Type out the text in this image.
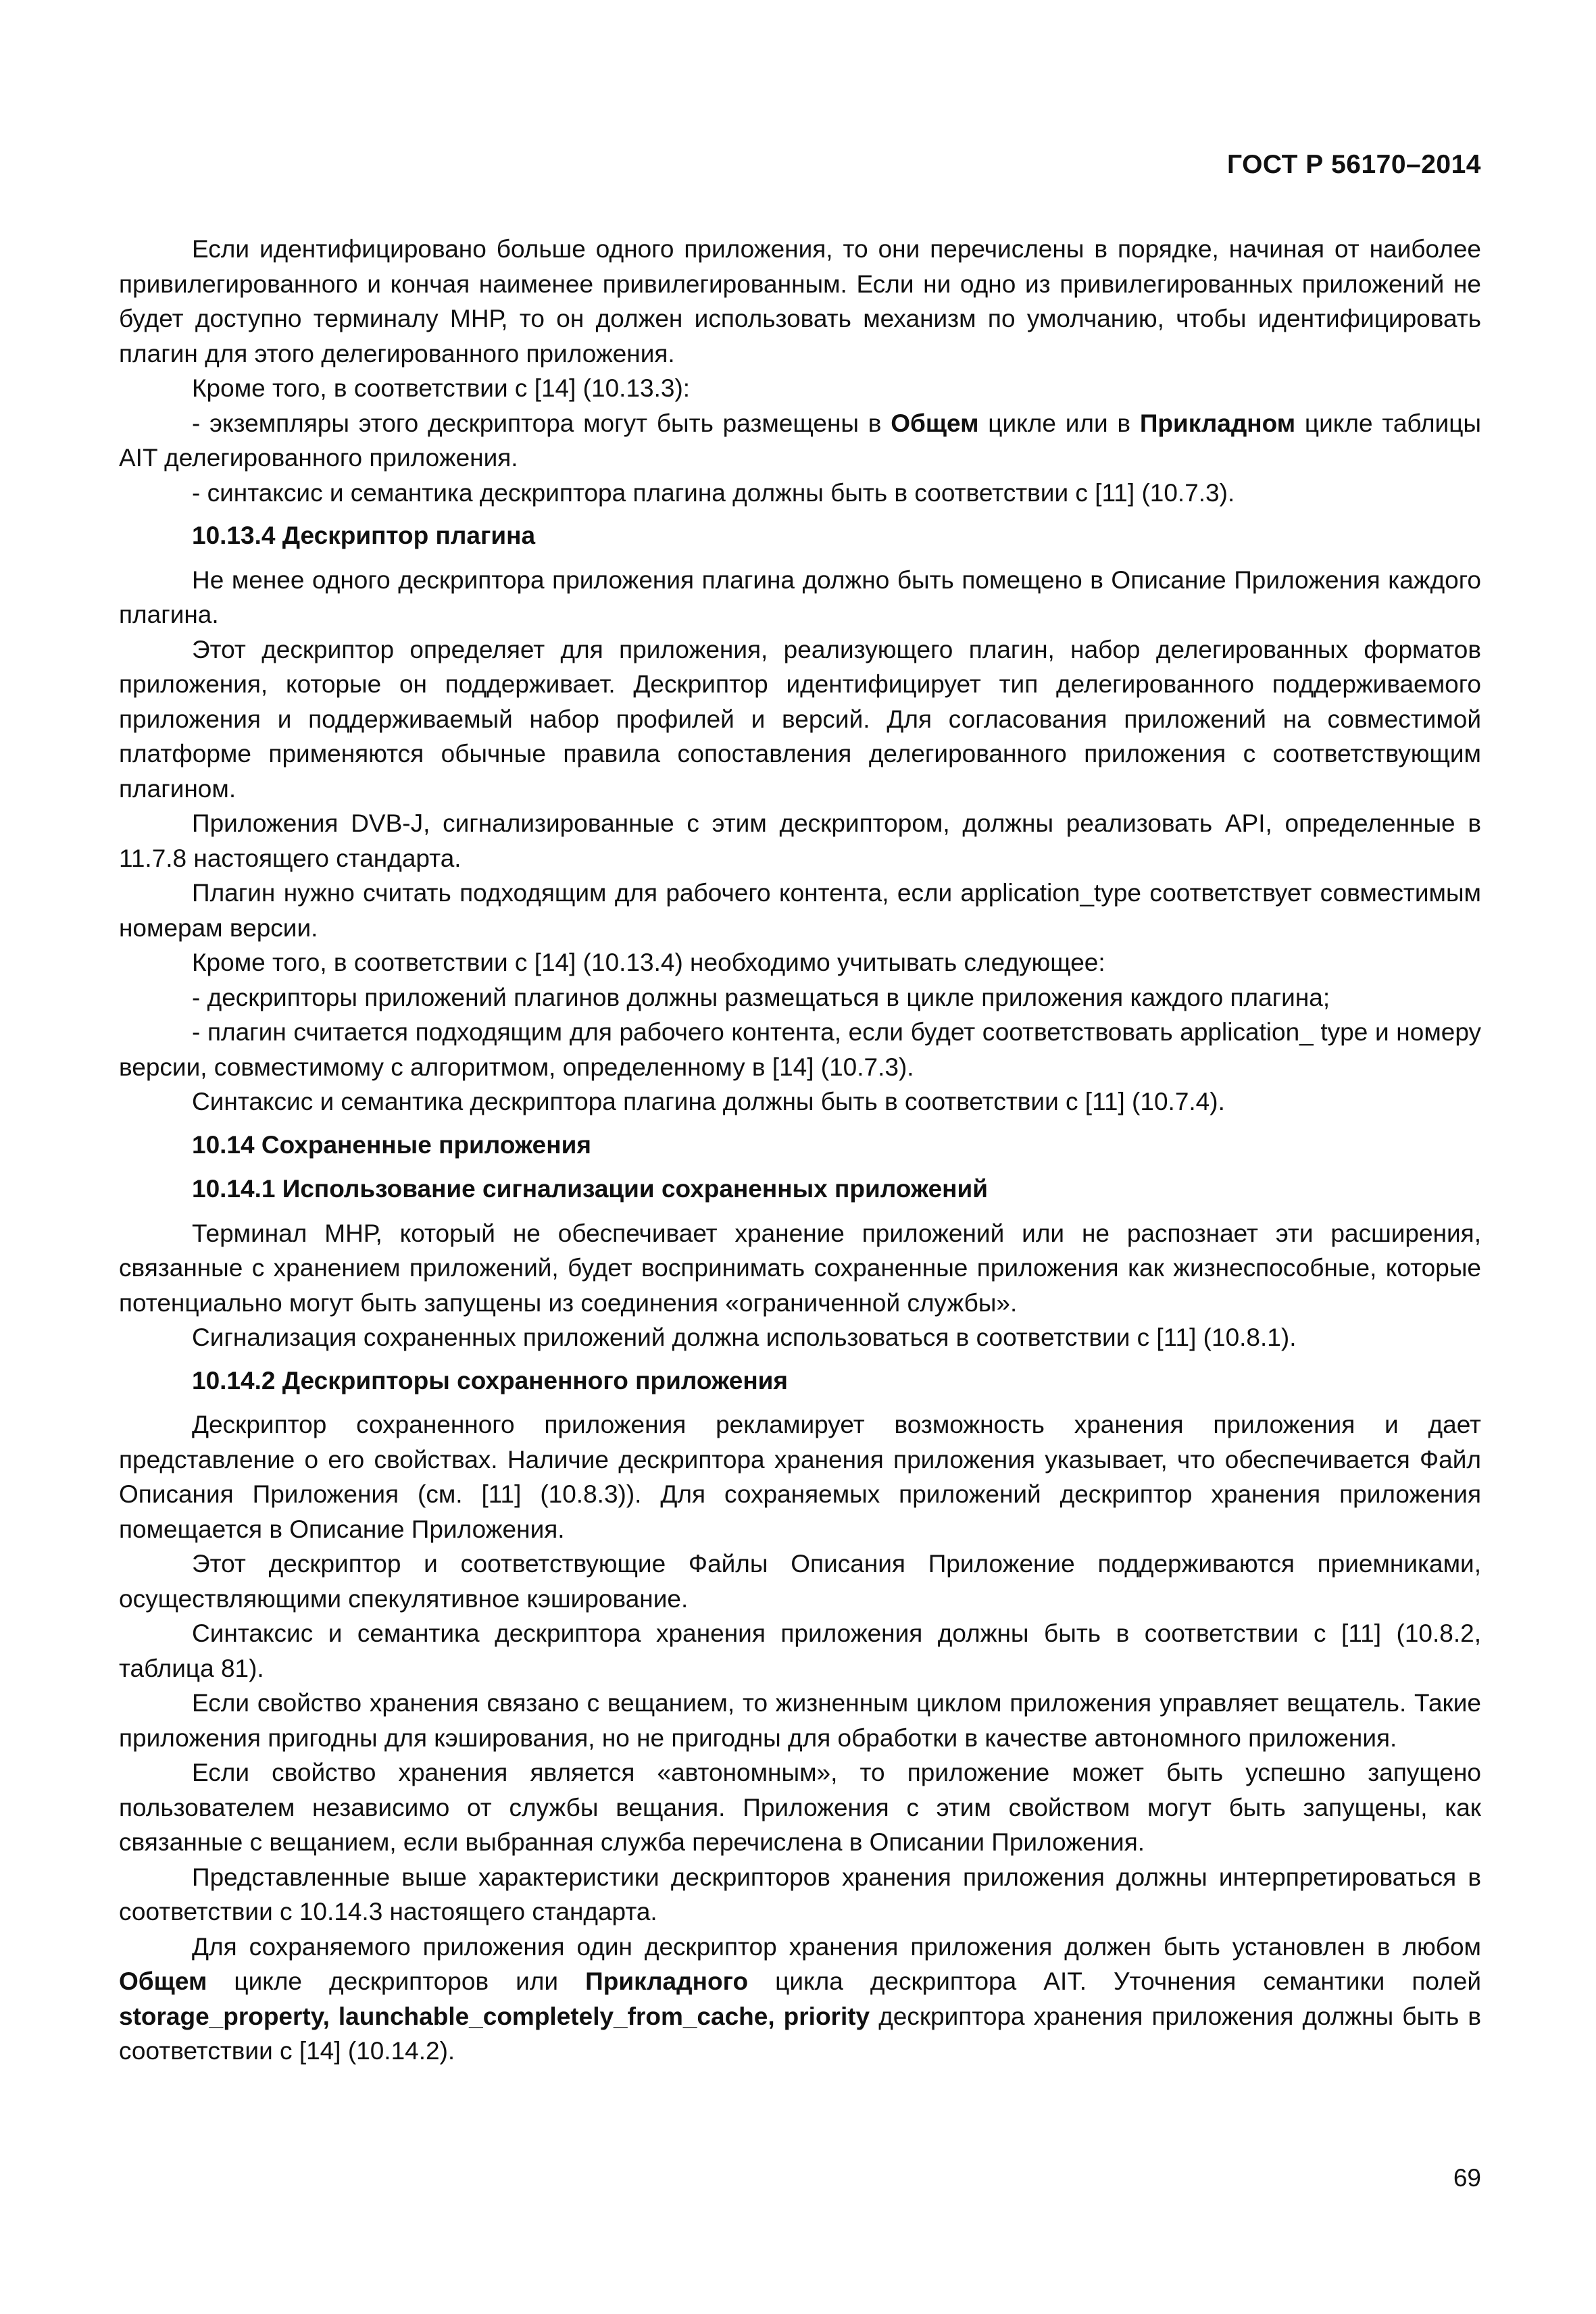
ГОСТ Р 56170–2014

Если идентифицировано больше одного приложения, то они перечислены в порядке, начиная от наиболее привилегированного и кончая наименее привилегированным. Если ни одно из привилегированных приложений не будет доступно терминалу МНР, то он должен использовать механизм по умолчанию, чтобы идентифицировать плагин для этого делегированного приложения.

Кроме того, в соответствии с [14] (10.13.3):

- экземпляры этого дескриптора могут быть размещены в Общем цикле или в Прикладном цикле таблицы AIT делегированного приложения.

- синтаксис и семантика дескриптора плагина должны быть в соответствии с [11] (10.7.3).

10.13.4 Дескриптор плагина

Не менее одного дескриптора приложения плагина должно быть помещено в Описание Приложения каждого плагина.

Этот дескриптор определяет для приложения, реализующего плагин, набор делегированных форматов приложения, которые он поддерживает. Дескриптор идентифицирует тип делегированного поддерживаемого приложения и поддерживаемый набор профилей и версий. Для согласования приложений на совместимой платформе применяются обычные правила сопоставления делегированного приложения с соответствующим плагином.

Приложения DVB-J, сигнализированные с этим дескриптором, должны реализовать API, определенные в 11.7.8 настоящего стандарта.

Плагин нужно считать подходящим для рабочего контента, если application_type соответствует совместимым номерам версии.

Кроме того, в соответствии с [14] (10.13.4) необходимо учитывать следующее:

- дескрипторы приложений плагинов должны размещаться в цикле приложения каждого плагина;

- плагин считается подходящим для рабочего контента, если будет соответствовать application_ type и номеру версии, совместимому с алгоритмом, определенному в [14] (10.7.3).

Синтаксис и семантика дескриптора плагина должны быть в соответствии с [11] (10.7.4).

10.14 Сохраненные приложения
10.14.1 Использование сигнализации сохраненных приложений

Терминал МНР, который не обеспечивает хранение приложений или не распознает эти расширения, связанные с хранением приложений, будет воспринимать сохраненные приложения как жизнеспособные, которые потенциально могут быть запущены из соединения «ограниченной службы».

Сигнализация сохраненных приложений должна использоваться в соответствии с [11] (10.8.1).

10.14.2 Дескрипторы сохраненного приложения

Дескриптор сохраненного приложения рекламирует возможность хранения приложения и дает представление о его свойствах. Наличие дескриптора хранения приложения указывает, что обеспечивается Файл Описания Приложения (см. [11] (10.8.3)). Для сохраняемых приложений дескриптор хранения приложения помещается в Описание Приложения.

Этот дескриптор и соответствующие Файлы Описания Приложение поддерживаются приемниками, осуществляющими спекулятивное кэширование.

Синтаксис и семантика дескриптора хранения приложения должны быть в соответствии с [11] (10.8.2, таблица 81).

Если свойство хранения связано с вещанием, то жизненным циклом приложения управляет вещатель. Такие приложения пригодны для кэширования, но не пригодны для обработки в качестве автономного приложения.

Если свойство хранения является «автономным», то приложение может быть успешно запущено пользователем независимо от службы вещания. Приложения с этим свойством могут быть запущены, как связанные с вещанием, если выбранная служба перечислена в Описании Приложения.

Представленные выше характеристики дескрипторов хранения приложения должны интерпретироваться в соответствии с 10.14.3 настоящего стандарта.

Для сохраняемого приложения один дескриптор хранения приложения должен быть установлен в любом Общем цикле дескрипторов или Прикладного цикла дескриптора AIT. Уточнения семантики полей storage_property, launchable_completely_from_cache, priority дескриптора хранения приложения должны быть в соответствии с [14] (10.14.2).

69
